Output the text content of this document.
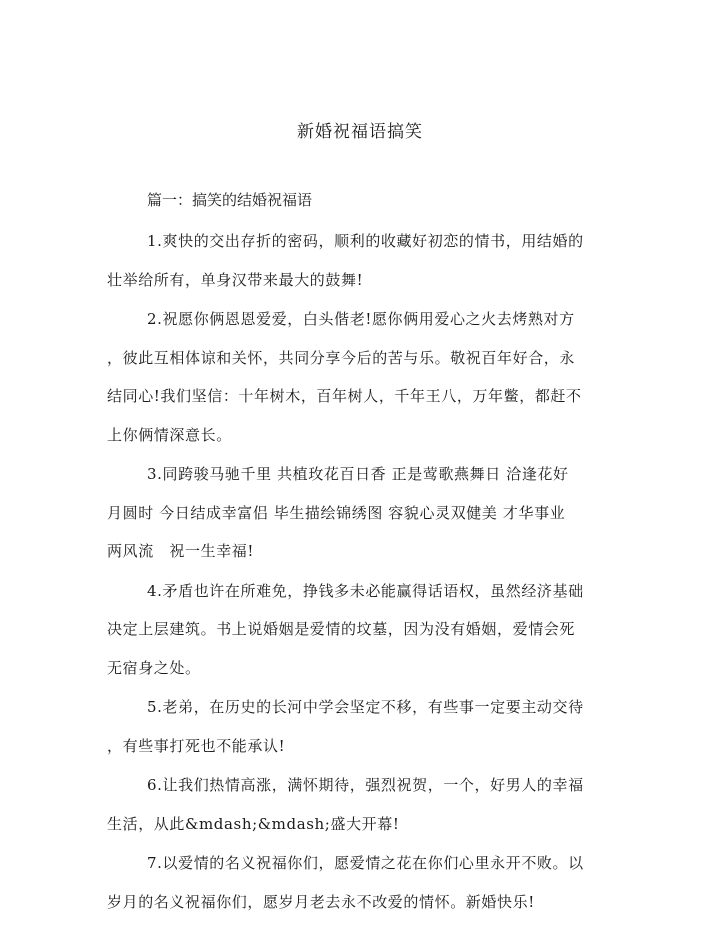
新婚祝福语搞笑
篇一：搞笑的结婚祝福语
1.爽快的交出存折的密码，顺利的收藏好初恋的情书，用结婚的
壮举给所有，单身汉带来最大的鼓舞!
2.祝愿你俩恩恩爱爱，白头偕老!愿你俩用爱心之火去烤熟对方
，彼此互相体谅和关怀，共同分享今后的苦与乐。敬祝百年好合，永
结同心!我们坚信：十年树木，百年树人，千年王八，万年鳖，都赶不
上你俩情深意长。
3.同跨骏马驰千里 共植玫花百日香 正是莺歌燕舞日 洽逢花好
月圆时 今日结成幸富侣 毕生描绘锦绣图 容貌心灵双健美 才华事业
两风流　祝一生幸福!
4.矛盾也许在所难免，挣钱多未必能赢得话语权，虽然经济基础
决定上层建筑。书上说婚姻是爱情的坟墓，因为没有婚姻，爱情会死
无宿身之处。
5.老弟，在历史的长河中学会坚定不移，有些事一定要主动交待
，有些事打死也不能承认!
6.让我们热情高涨，满怀期待，强烈祝贺，一个，好男人的幸福
生活，从此&mdash;&mdash;盛大开幕!
7.以爱情的名义祝福你们，愿爱情之花在你们心里永开不败。以
岁月的名义祝福你们，愿岁月老去永不改爱的情怀。新婚快乐!
